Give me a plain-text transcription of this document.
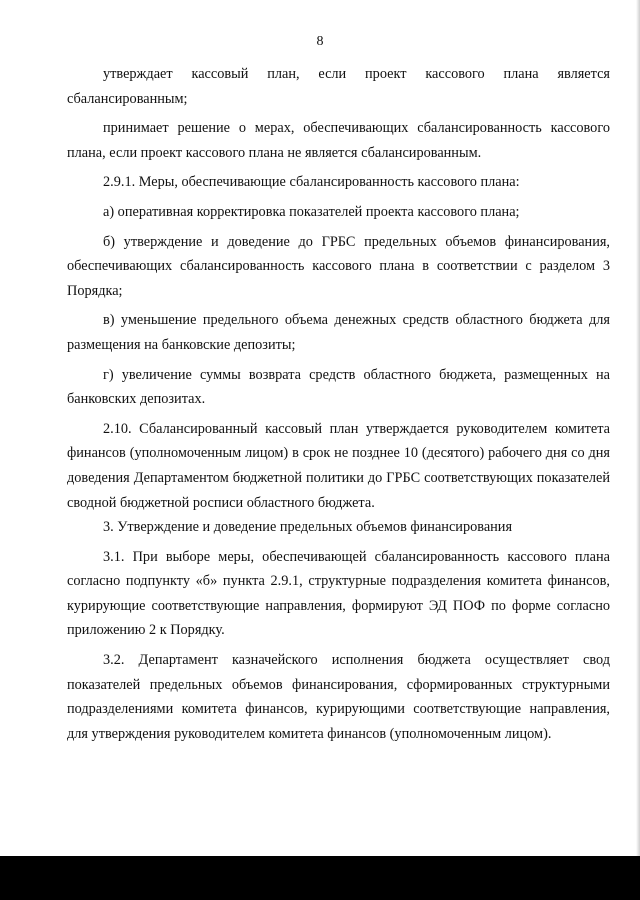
8

утверждает кассовый план, если проект кассового плана является сбалансированным;

принимает решение о мерах, обеспечивающих сбалансированность кассового плана, если проект кассового плана не является сбалансированным.

2.9.1. Меры, обеспечивающие сбалансированность кассового плана:

а) оперативная корректировка показателей проекта кассового плана;

б) утверждение и доведение до ГРБС предельных объемов финансирования, обеспечивающих сбалансированность кассового плана в соответствии с разделом 3 Порядка;

в) уменьшение предельного объема денежных средств областного бюджета для размещения на банковские депозиты;

г) увеличение суммы возврата средств областного бюджета, размещенных на банковских депозитах.

2.10. Сбалансированный кассовый план утверждается руководителем комитета финансов (уполномоченным лицом) в срок не позднее 10 (десятого) рабочего дня со дня доведения Департаментом бюджетной политики до ГРБС соответствующих показателей сводной бюджетной росписи областного бюджета.

3. Утверждение и доведение предельных объемов финансирования

3.1. При выборе меры, обеспечивающей сбалансированность кассового плана согласно подпункту «б» пункта 2.9.1, структурные подразделения комитета финансов, курирующие соответствующие направления, формируют ЭД ПОФ по форме согласно приложению 2 к Порядку.

3.2. Департамент казначейского исполнения бюджета осуществляет свод показателей предельных объемов финансирования, сформированных структурными подразделениями комитета финансов, курирующими соответствующие направления, для утверждения руководителем комитета финансов (уполномоченным лицом).
